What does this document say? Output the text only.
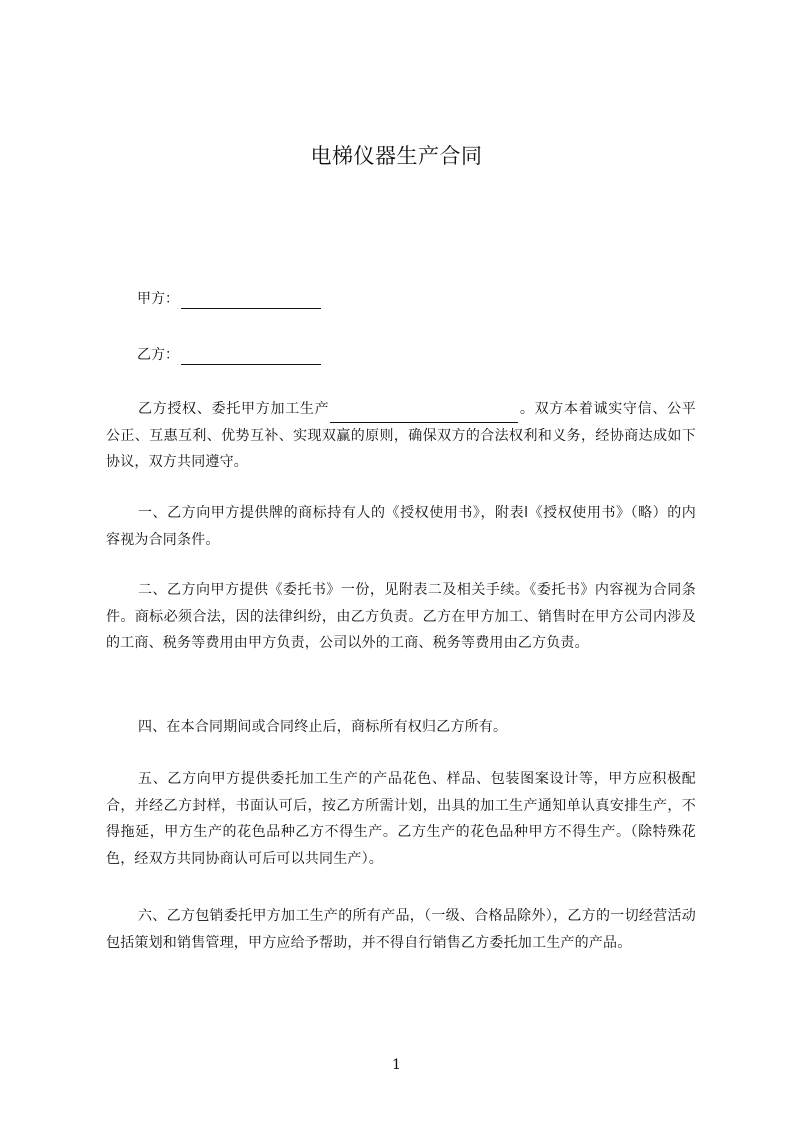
电梯仪器生产合同
甲方：
乙方：
乙方授权、委托甲方加工生产	。双方本着诚实守信、公平公正、互惠互利、优势互补、实现双赢的原则，确保双方的合法权利和义务，经协商达成如下协议，双方共同遵守。
一、乙方向甲方提供牌的商标持有人的《授权使用书》，附表l《授权使用书》（略）的内容视为合同条件。
二、乙方向甲方提供《委托书》一份，见附表二及相关手续。《委托书》内容视为合同条件。商标必须合法，因的法律纠纷，由乙方负责。乙方在甲方加工、销售时在甲方公司内涉及的工商、税务等费用由甲方负责，公司以外的工商、税务等费用由乙方负责。
四、在本合同期间或合同终止后，商标所有权归乙方所有。
五、乙方向甲方提供委托加工生产的产品花色、样品、包装图案设计等，甲方应积极配合，并经乙方封样，书面认可后，按乙方所需计划，出具的加工生产通知单认真安排生产，不得拖延，甲方生产的花色品种乙方不得生产。乙方生产的花色品种甲方不得生产。（除特殊花色，经双方共同协商认可后可以共同生产）。
六、乙方包销委托甲方加工生产的所有产品，（一级、合格品除外），乙方的一切经营活动包括策划和销售管理，甲方应给予帮助，并不得自行销售乙方委托加工生产的产品。
1
